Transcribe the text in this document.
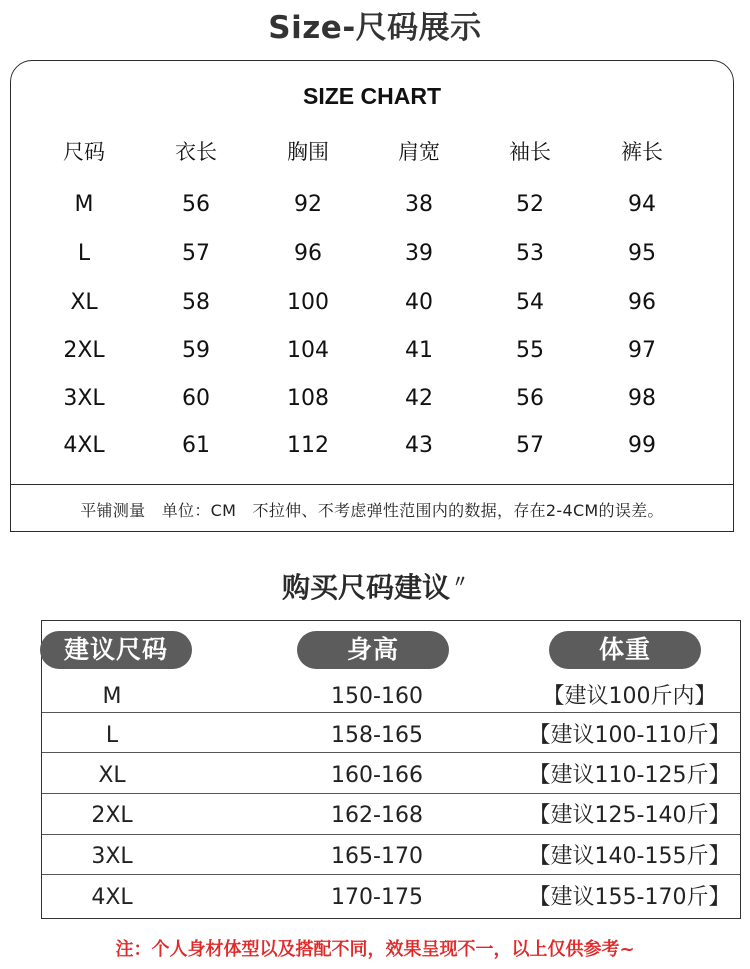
Size-尺码展示
SIZE CHART
尺码	衣长	胸围	肩宽	袖长	裤长
M	56	92	38	52	94
L	57	96	39	53	95
XL	58	100	40	54	96
2XL	59	104	41	55	97
3XL	60	108	42	56	98
4XL	61	112	43	57	99
平铺测量　单位：CM　不拉伸、不考虑弹性范围内的数据，存在2-4CM的误差。
购买尺码建议 〃
建议尺码	身高	体重
M	150-160	【建议100斤内】
L	158-165	【建议100-110斤】
XL	160-166	【建议110-125斤】
2XL	162-168	【建议125-140斤】
3XL	165-170	【建议140-155斤】
4XL	170-175	【建议155-170斤】
注：个人身材体型以及搭配不同，效果呈现不一，以上仅供参考~
